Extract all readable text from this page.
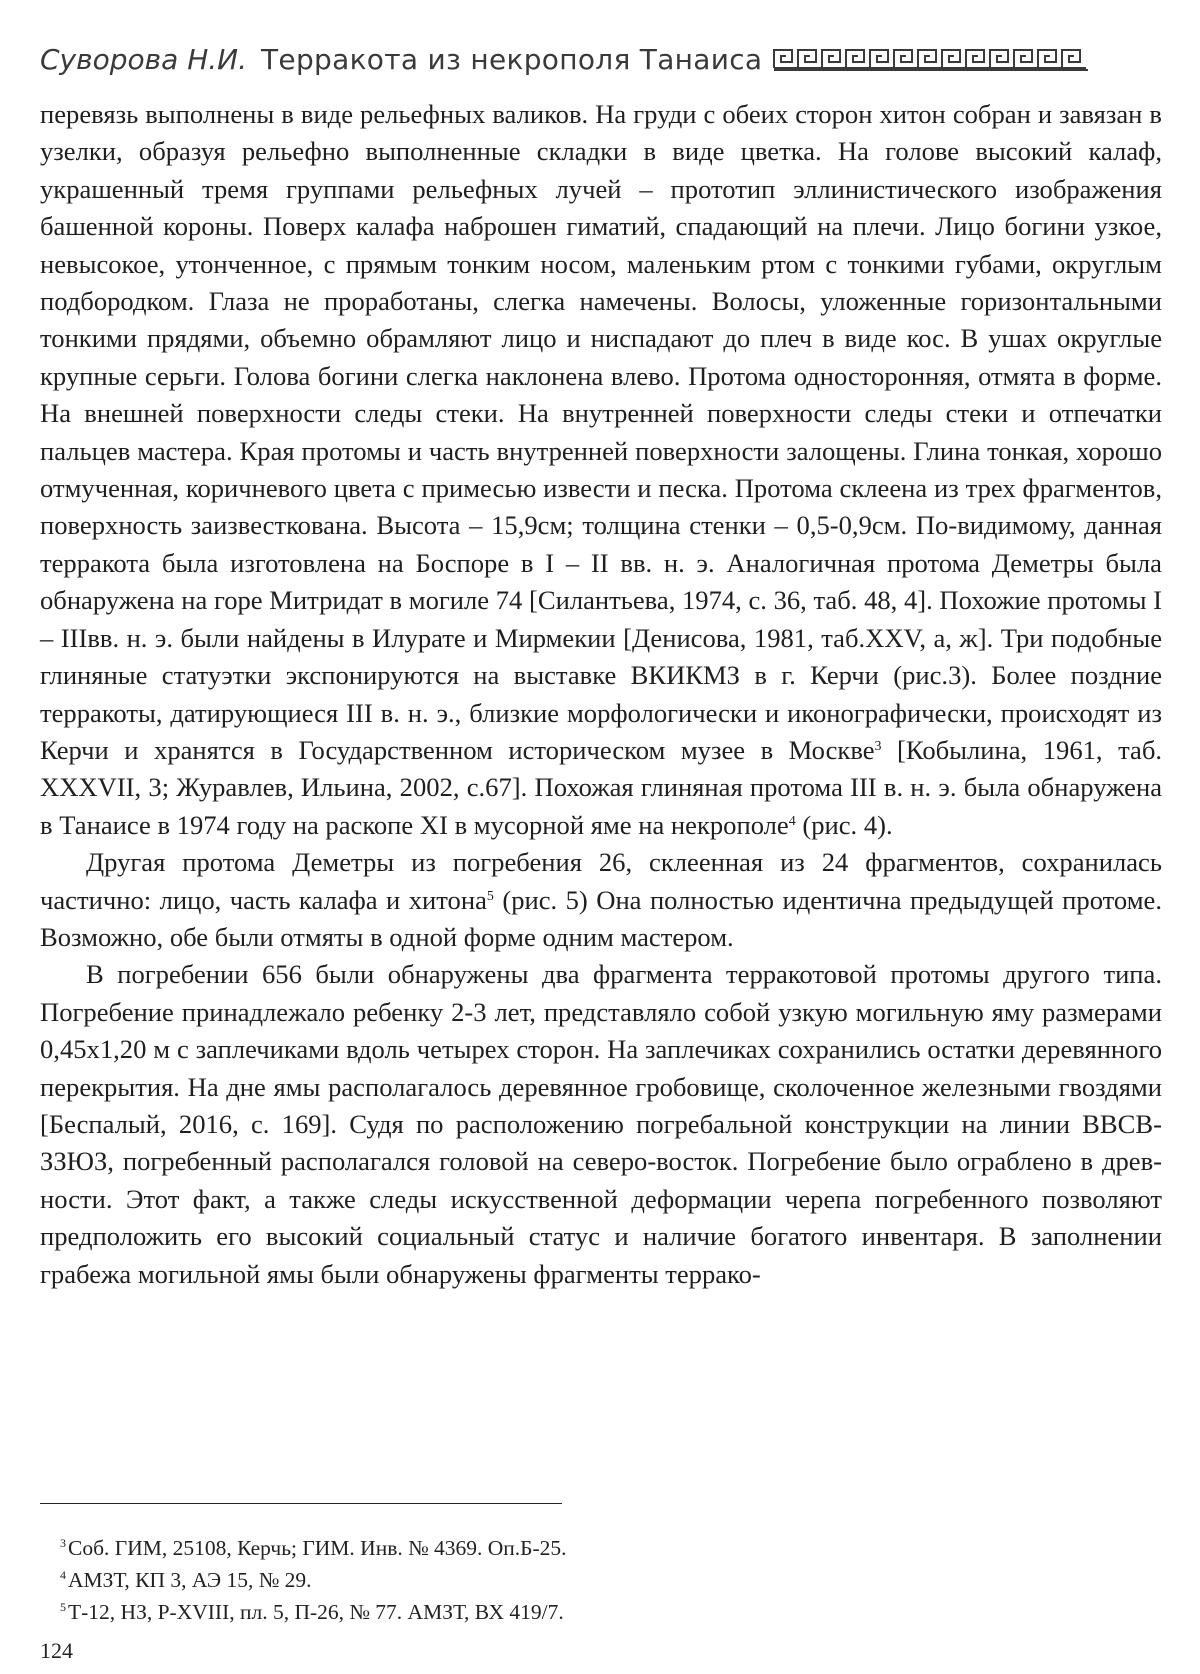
Суворова Н.И. Терракота из некрополя Танаиса

перевязь выполнены в виде рельефных валиков. На груди с обеих сторон хитон собран и завязан в узелки, образуя рельефно выполненные складки в виде цветка. На голове высокий калаф, украшенный тремя группами рельефных лучей – прототип эллинистического изображения башенной короны. Поверх калафа наброшен гиматий, спадающий на плечи. Лицо богини узкое, невысокое, утонченное, с прямым тонким носом, маленьким ртом с тонкими губами, округлым подбородком. Глаза не проработаны, слегка намечены. Волосы, уложенные горизонтальными тонкими прядями, объемно обрамляют лицо и ниспадают до плеч в виде кос. В ушах округлые крупные серьги. Голова богини слегка наклонена влево. Протома односторонняя, отмята в форме. На внешней поверхности следы стеки. На внутренней поверхности следы стеки и отпечатки пальцев мастера. Края протомы и часть внутренней поверхности залощены. Глина тонкая, хорошо отмученная, коричневого цвета с примесью извести и песка. Протома склеена из трех фрагментов, поверхность заизвесткована. Высота – 15,9см; толщина стенки – 0,5-0,9см. По-видимому, данная терракота была изготовлена на Боспоре в I – II вв. н. э. Аналогичная протома Деметры была обнаружена на горе Митридат в могиле 74 [Силантьева, 1974, с. 36, таб. 48, 4]. Похожие протомы I – IIIвв. н. э. были найдены в Илурате и Мирмекии [Денисова, 1981, таб.XXV, а, ж]. Три подобные глиняные статуэтки экспонируются на выставке ВКИКМЗ в г. Керчи (рис.3). Более поздние терракоты, датирующиеся III в. н. э., близкие морфологически и иконографически, происходят из Керчи и хранятся в Государственном историческом музее в Москве$^3$ [Кобылина, 1961, таб. XXXVII, 3; Журавлев, Ильина, 2002, с.67]. Похожая глиняная протома III в. н. э. была обнаружена в Танаисе в 1974 году на раскопе XI в мусорной яме на некрополе$^4$ (рис. 4).

Другая протома Деметры из погребения 26, склеенная из 24 фрагментов, сохранилась частично: лицо, часть калафа и хитона$^5$ (рис. 5) Она полностью идентична предыдущей протоме. Возможно, обе были отмяты в одной форме одним мастером.

В погребении 656 были обнаружены два фрагмента терракотовой протомы другого типа. Погребение принадлежало ребенку 2-3 лет, представляло собой узкую могильную яму размерами 0,45x1,20 м с заплечиками вдоль четырех сторон. На заплечиках сохранились остатки деревянного перекрытия. На дне ямы располагалось деревянное гробовище, сколоченное железными гвоздями [Беспалый, 2016, с. 169]. Судя по расположению погребальной конструкции на линии ВВСВ-ЗЗЮЗ, погребенный располагался головой на северо-восток. Погребение было ограблено в древности. Этот факт, а также следы искусственной деформации черепа погребенного позволяют предположить его высокий социальный статус и наличие богатого инвентаря. В заполнении грабежа могильной ямы были обнаружены фрагменты террако-

$^3$Соб. ГИМ, 25108, Керчь; ГИМ. Инв. № 4369. Оп.Б-25.
$^4$АМЗТ, КП 3, АЭ 15, № 29.
$^5$Т-12, НЗ, Р-XVIII, пл. 5, П-26, № 77. АМЗТ, ВХ 419/7.
124
